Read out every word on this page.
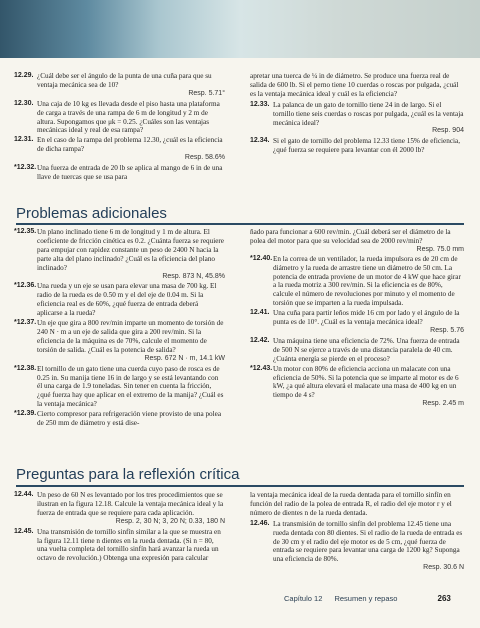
12.29. ¿Cuál debe ser el ángulo de la punta de una cuña para que su ventaja mecánica sea de 10?
Resp. 5.71°
12.30. Una caja de 10 kg es llevada desde el piso hasta una plataforma de carga a través de una rampa de 6 m de longitud y 2 m de altura. Supongamos que μk = 0.25. ¿Cuáles son las ventajas mecánicas ideal y real de esa rampa?
12.31. En el caso de la rampa del problema 12.30, ¿cuál es la eficiencia de dicha rampa?
Resp. 58.6%
*12.32. Una fuerza de entrada de 20 lb se aplica al mango de 6 in de una llave de tuercas que se usa para

apretar una tuerca de ¼ in de diámetro. Se produce una fuerza real de salida de 600 lb. Si el perno tiene 10 cuerdas o roscas por pulgada, ¿cuál es la ventaja mecánica ideal y cuál es la eficiencia?

12.33. La palanca de un gato de tornillo tiene 24 in de largo. Si el tornillo tiene seis cuerdas o roscas por pulgada, ¿cuál es la ventaja mecánica ideal?
Resp. 904
12.34. Si el gato de tornillo del problema 12.33 tiene 15% de eficiencia, ¿qué fuerza se requiere para levantar con él 2000 lb?
Problemas adicionales
*12.35. Un plano inclinado tiene 6 m de longitud y 1 m de altura. El coeficiente de fricción cinética es 0.2. ¿Cuánta fuerza se requiere para empujar con rapidez constante un peso de 2400 N hacia la parte alta del plano inclinado? ¿Cuál es la eficiencia del plano inclinado?
Resp. 873 N, 45.8%
*12.36. Una rueda y un eje se usan para elevar una masa de 700 kg. El radio de la rueda es de 0.50 m y el del eje de 0.04 m. Si la eficiencia real es de 60%, ¿qué fuerza de entrada deberá aplicarse a la rueda?
*12.37. Un eje que gira a 800 rev/min imparte un momento de torsión de 240 N · m a un eje de salida que gira a 200 rev/min. Si la eficiencia de la máquina es de 70%, calcule el momento de torsión de salida. ¿Cuál es la potencia de salida?
Resp. 672 N · m, 14.1 kW
*12.38. El tornillo de un gato tiene una cuerda cuyo paso de rosca es de 0.25 in. Su manija tiene 16 in de largo y se está levantando con él una carga de 1.9 toneladas. Sin tener en cuenta la fricción, ¿qué fuerza hay que aplicar en el extremo de la manija? ¿Cuál es la ventaja mecánica?
*12.39. Cierto compresor para refrigeración viene provisto de una polea de 250 mm de diámetro y está dise-

ñado para funcionar a 600 rev/min. ¿Cuál deberá ser el diámetro de la polea del motor para que su velocidad sea de 2000 rev/min?

Resp. 75.0 mm
*12.40. En la correa de un ventilador, la rueda impulsora es de 20 cm de diámetro y la rueda de arrastre tiene un diámetro de 50 cm. La potencia de entrada proviene de un motor de 4 kW que hace girar a la rueda motriz a 300 rev/min. Si la eficiencia es de 80%, calcule el número de revoluciones por minuto y el momento de torsión que se imparten a la rueda impulsada.
12.41. Una cuña para partir leños mide 16 cm por lado y el ángulo de la punta es de 10°. ¿Cuál es la ventaja mecánica ideal?
Resp. 5.76
12.42. Una máquina tiene una eficiencia de 72%. Una fuerza de entrada de 500 N se ejerce a través de una distancia paralela de 40 cm. ¿Cuánta energía se pierde en el proceso?
*12.43. Un motor con 80% de eficiencia acciona un malacate con una eficiencia de 50%. Si la potencia que se imparte al motor es de 6 kW, ¿a qué altura elevará el malacate una masa de 400 kg en un tiempo de 4 s?
Resp. 2.45 m
Preguntas para la reflexión crítica
12.44. Un peso de 60 N es levantado por los tres procedimientos que se ilustran en la figura 12.18. Calcule la ventaja mecánica ideal y la fuerza de entrada que se requiere para cada aplicación.
Resp. 2, 30 N; 3, 20 N; 0.33, 180 N
12.45. Una transmisión de tornillo sinfín similar a la que se muestra en la figura 12.11 tiene n dientes en la rueda dentada. (Si n = 80, una vuelta completa del tornillo sinfín hará avanzar la rueda un octavo de revolución.) Obtenga una expresión para calcular

la ventaja mecánica ideal de la rueda dentada para el tornillo sinfín en función del radio de la polea de entrada R, el radio del eje motor r y el número de dientes n de la rueda dentada.

12.46. La transmisión de tornillo sinfín del problema 12.45 tiene una rueda dentada con 80 dientes. Si el radio de la rueda de entrada es de 30 cm y el radio del eje motor es de 5 cm, ¿qué fuerza de entrada se requiere para levantar una carga de 1200 kg? Suponga una eficiencia de 80%.
Resp. 30.6 N
Capítulo 12 Resumen y repaso	263
